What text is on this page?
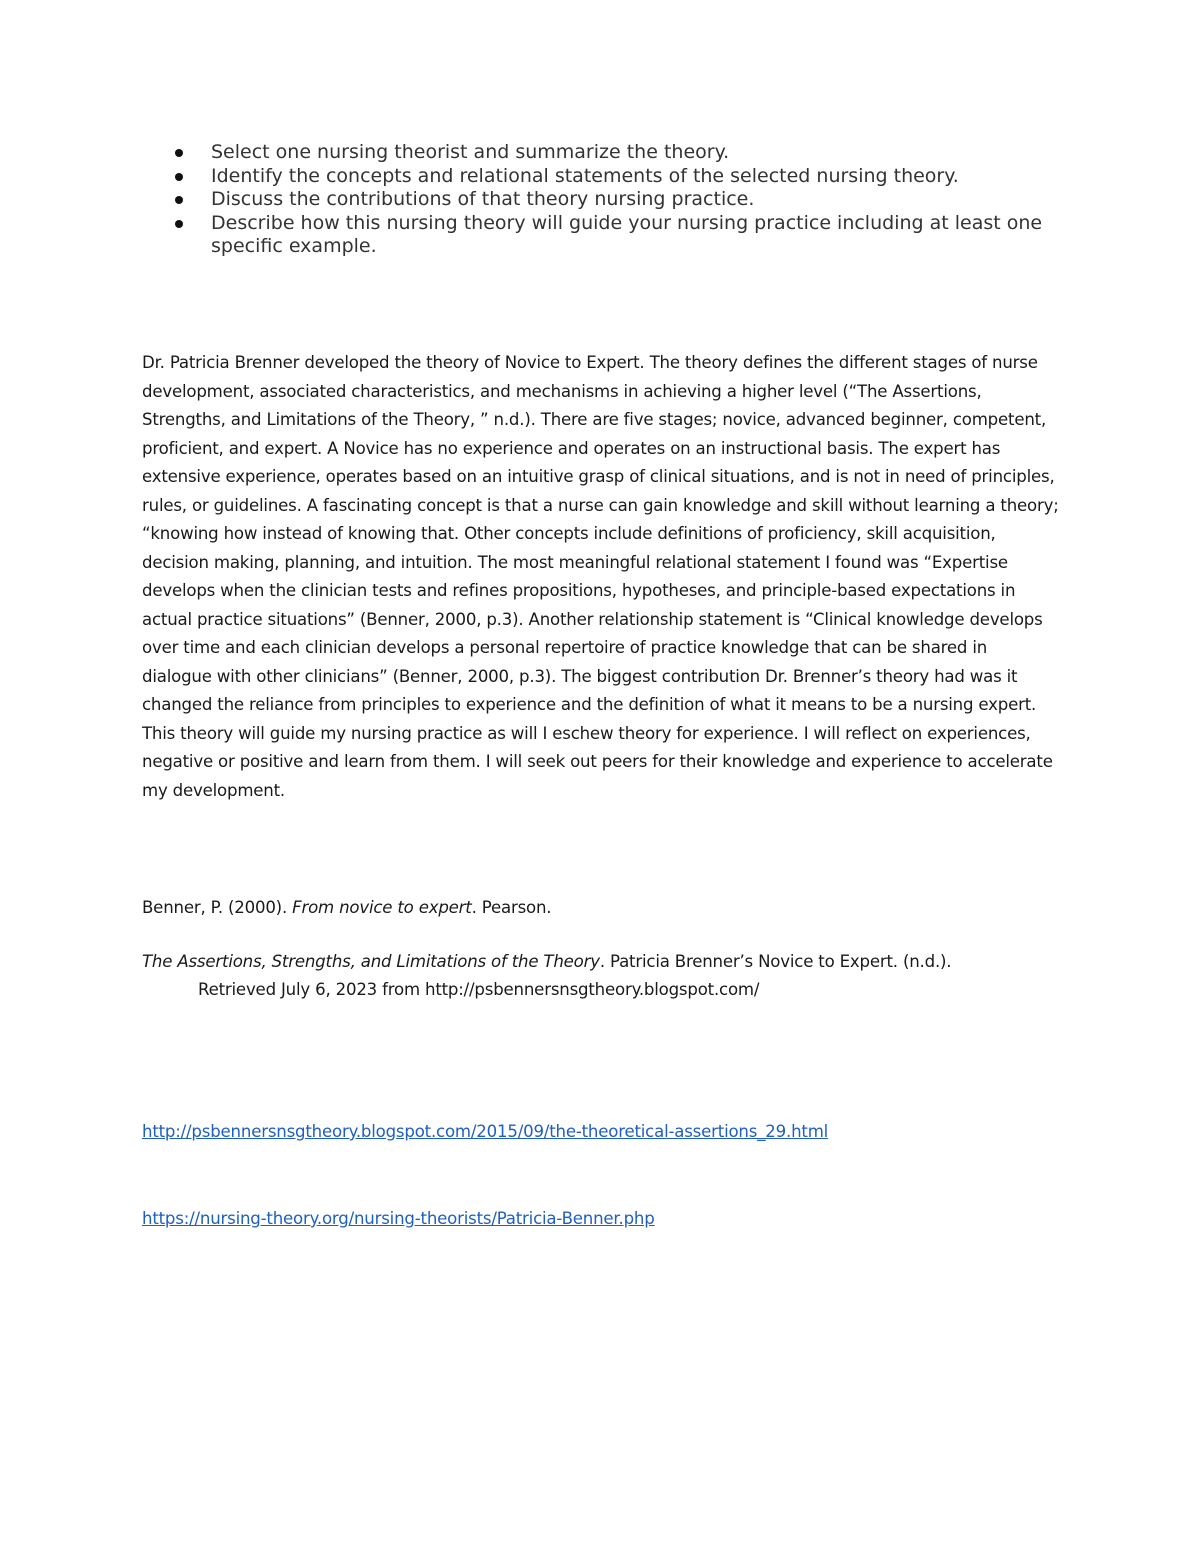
Select one nursing theorist and summarize the theory.
Identify the concepts and relational statements of the selected nursing theory.
Discuss the contributions of that theory nursing practice.
Describe how this nursing theory will guide your nursing practice including at least one specific example.

Dr. Patricia Brenner developed the theory of Novice to Expert. The theory defines the different stages of nurse development, associated characteristics, and mechanisms in achieving a higher level (“The Assertions, Strengths, and Limitations of the Theory, ” n.d.). There are five stages; novice, advanced beginner, competent, proficient, and expert. A Novice has no experience and operates on an instructional basis. The expert has extensive experience, operates based on an intuitive grasp of clinical situations, and is not in need of principles, rules, or guidelines. A fascinating concept is that a nurse can gain knowledge and skill without learning a theory; “knowing how instead of knowing that. Other concepts include definitions of proficiency, skill acquisition, decision making, planning, and intuition. The most meaningful relational statement I found was “Expertise develops when the clinician tests and refines propositions, hypotheses, and principle-based expectations in actual practice situations” (Benner, 2000, p.3). Another relationship statement is “Clinical knowledge develops over time and each clinician develops a personal repertoire of practice knowledge that can be shared in dialogue with other clinicians” (Benner, 2000, p.3). The biggest contribution Dr. Brenner’s theory had was it changed the reliance from principles to experience and the definition of what it means to be a nursing expert. This theory will guide my nursing practice as will I eschew theory for experience. I will reflect on experiences, negative or positive and learn from them. I will seek out peers for their knowledge and experience to accelerate my development.

Benner, P. (2000). From novice to expert. Pearson.

The Assertions, Strengths, and Limitations of the Theory. Patricia Brenner’s Novice to Expert. (n.d.).
Retrieved July 6, 2023 from http://psbennersnsgtheory.blogspot.com/

http://psbennersnsgtheory.blogspot.com/2015/09/the-theoretical-assertions_29.html
https://nursing-theory.org/nursing-theorists/Patricia-Benner.php
